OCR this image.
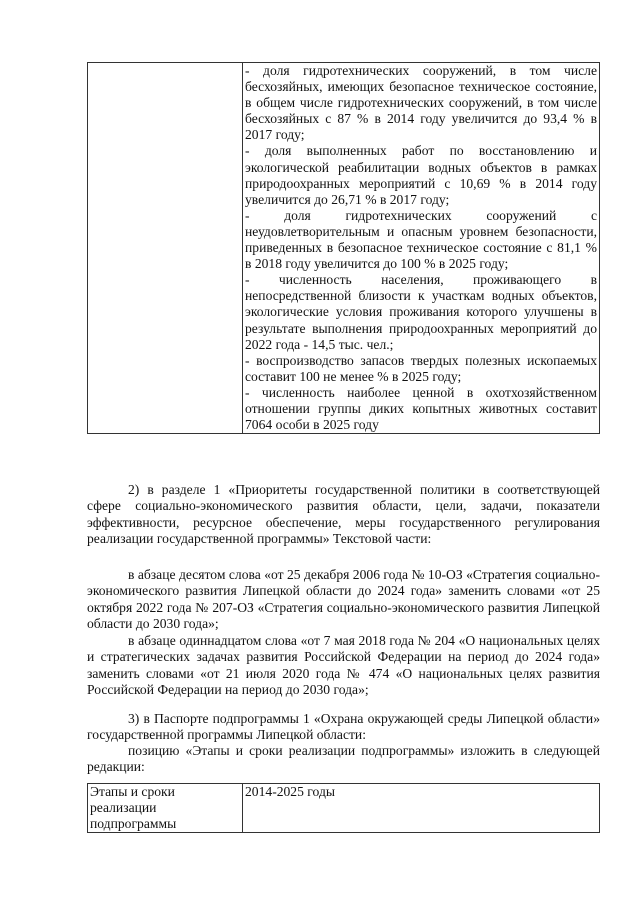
- доля гидротехнических сооружений, в том числе бесхозяйных, имеющих безопасное техническое состояние, в общем числе гидротехнических сооружений, в том числе бесхозяйных с 87 % в 2014 году увеличится до 93,4 % в 2017 году;

- доля выполненных работ по восстановлению и экологической реабилитации водных объектов в рамках природоохранных мероприятий с 10,69 % в 2014 году увеличится до 26,71 % в 2017 году;

- доля гидротехнических сооружений с неудовлетворительным и опасным уровнем безопасности, приведенных в безопасное техническое состояние с 81,1 % в 2018 году увеличится до 100 % в 2025 году;

- численность населения, проживающего в непосредственной близости к участкам водных объектов, экологические условия проживания которого улучшены в результате выполнения природоохранных мероприятий до 2022 года - 14,5 тыс. чел.;

- воспроизводство запасов твердых полезных ископаемых составит 100 не менее % в 2025 году;

- численность наиболее ценной в охотхозяйственном отношении группы диких копытных животных составит 7064 особи в 2025 году

2) в разделе 1 «Приоритеты государственной политики в соответствующей сфере социально-экономического развития области, цели, задачи, показатели эффективности, ресурсное обеспечение, меры государственного регулирования реализации государственной программы» Текстовой части:

в абзаце десятом слова «от 25 декабря 2006 года № 10-ОЗ «Стратегия социально-экономического развития Липецкой области до 2024 года» заменить словами «от 25 октября 2022 года № 207-ОЗ «Стратегия социально-экономического развития Липецкой области до 2030 года»;

в абзаце одиннадцатом слова «от 7 мая 2018 года № 204 «О национальных целях и стратегических задачах развития Российской Федерации на период до 2024 года» заменить словами «от 21 июля 2020 года № 474 «О национальных целях развития Российской Федерации на период до 2030 года»;

3) в Паспорте подпрограммы 1 «Охрана окружающей среды Липецкой области» государственной программы Липецкой области:

позицию «Этапы и сроки реализации подпрограммы» изложить в следующей редакции:

Этапы и сроки реализации подпрограммы	2014-2025 годы
